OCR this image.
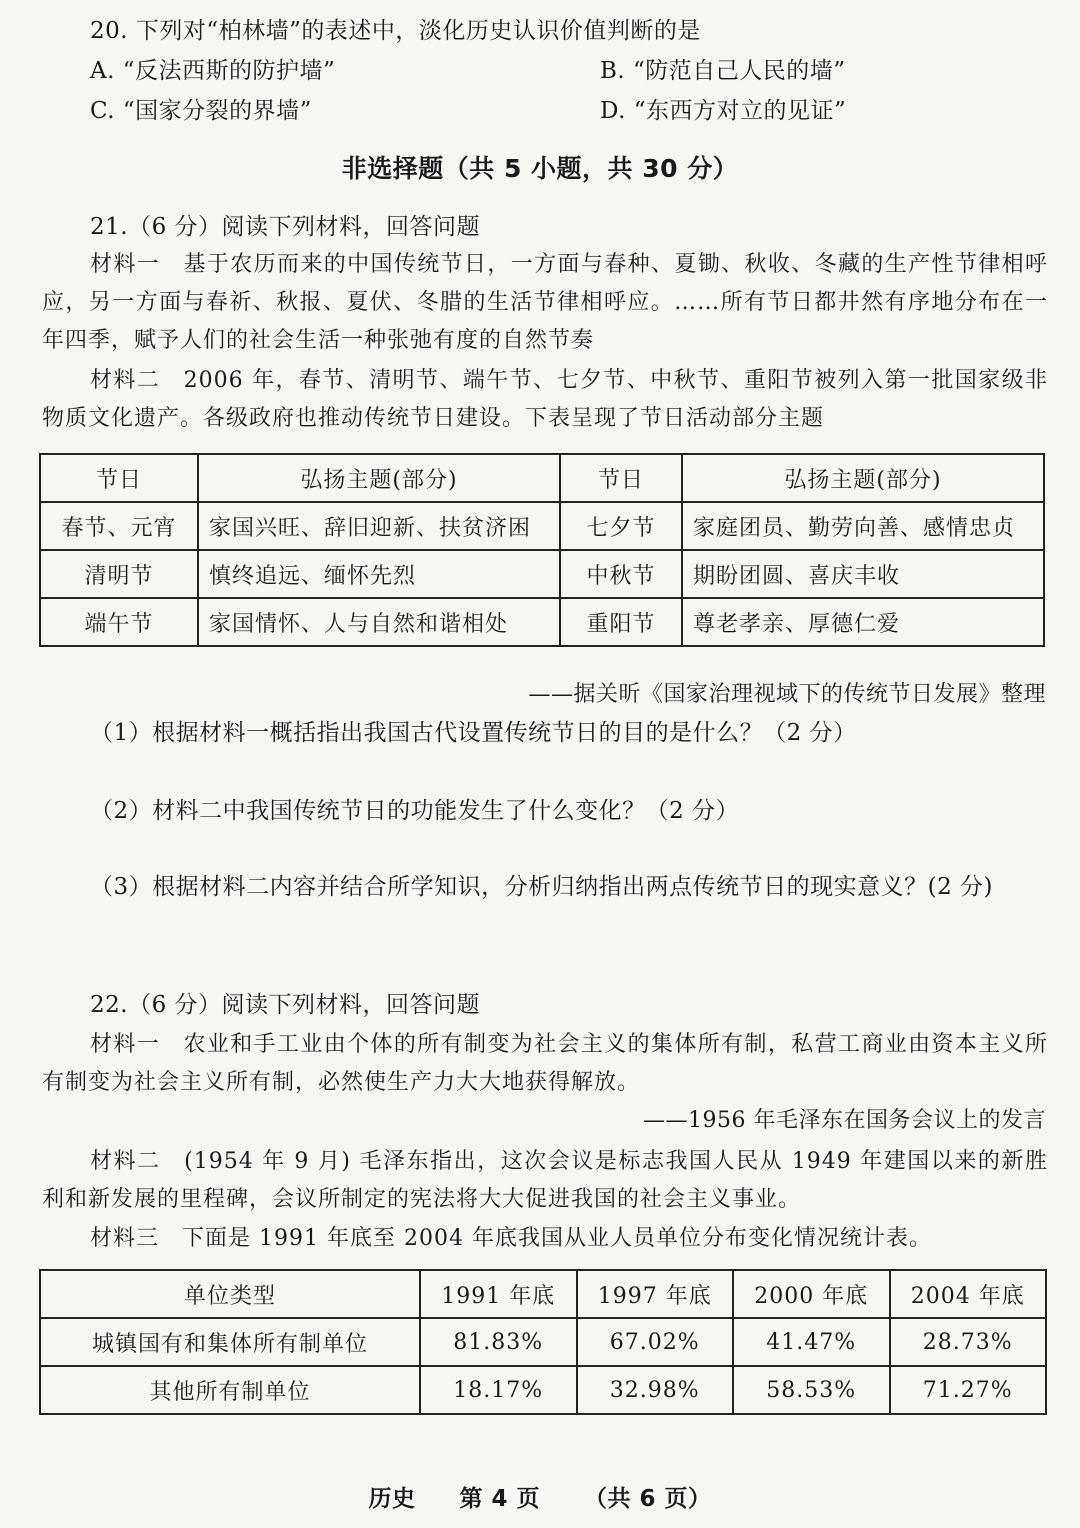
20. 下列对“柏林墙”的表述中，淡化历史认识价值判断的是
A. “反法西斯的防护墙”	B. “防范自己人民的墙”
C. “国家分裂的界墙”	D. “东西方对立的见证”
非选择题（共 5 小题，共 30 分）
21.（6 分）阅读下列材料，回答问题
材料一　基于农历而来的中国传统节日，一方面与春种、夏锄、秋收、冬藏的生产性节律相呼应，另一方面与春祈、秋报、夏伏、冬腊的生活节律相呼应。……所有节日都井然有序地分布在一年四季，赋予人们的社会生活一种张弛有度的自然节奏
材料二　2006 年，春节、清明节、端午节、七夕节、中秋节、重阳节被列入第一批国家级非物质文化遗产。各级政府也推动传统节日建设。下表呈现了节日活动部分主题
节日	弘扬主题(部分)	节日	弘扬主题(部分)
春节、元宵	家国兴旺、辞旧迎新、扶贫济困	七夕节	家庭团员、勤劳向善、感情忠贞
清明节	慎终追远、缅怀先烈	中秋节	期盼团圆、喜庆丰收
端午节	家国情怀、人与自然和谐相处	重阳节	尊老孝亲、厚德仁爱
——据关昕《国家治理视域下的传统节日发展》整理
（1）根据材料一概括指出我国古代设置传统节日的目的是什么？（2 分）
（2）材料二中我国传统节日的功能发生了什么变化？（2 分）
（3）根据材料二内容并结合所学知识，分析归纳指出两点传统节日的现实意义？(2 分)
22.（6 分）阅读下列材料，回答问题
材料一　农业和手工业由个体的所有制变为社会主义的集体所有制，私营工商业由资本主义所有制变为社会主义所有制，必然使生产力大大地获得解放。
——1956 年毛泽东在国务会议上的发言
材料二　(1954 年 9 月) 毛泽东指出，这次会议是标志我国人民从 1949 年建国以来的新胜利和新发展的里程碑，会议所制定的宪法将大大促进我国的社会主义事业。
材料三　下面是 1991 年底至 2004 年底我国从业人员单位分布变化情况统计表。
单位类型	1991 年底	1997 年底	2000 年底	2004 年底
城镇国有和集体所有制单位	81.83%	67.02%	41.47%	28.73%
其他所有制单位	18.17%	32.98%	58.53%	71.27%
历史 第 4 页 （共 6 页）
